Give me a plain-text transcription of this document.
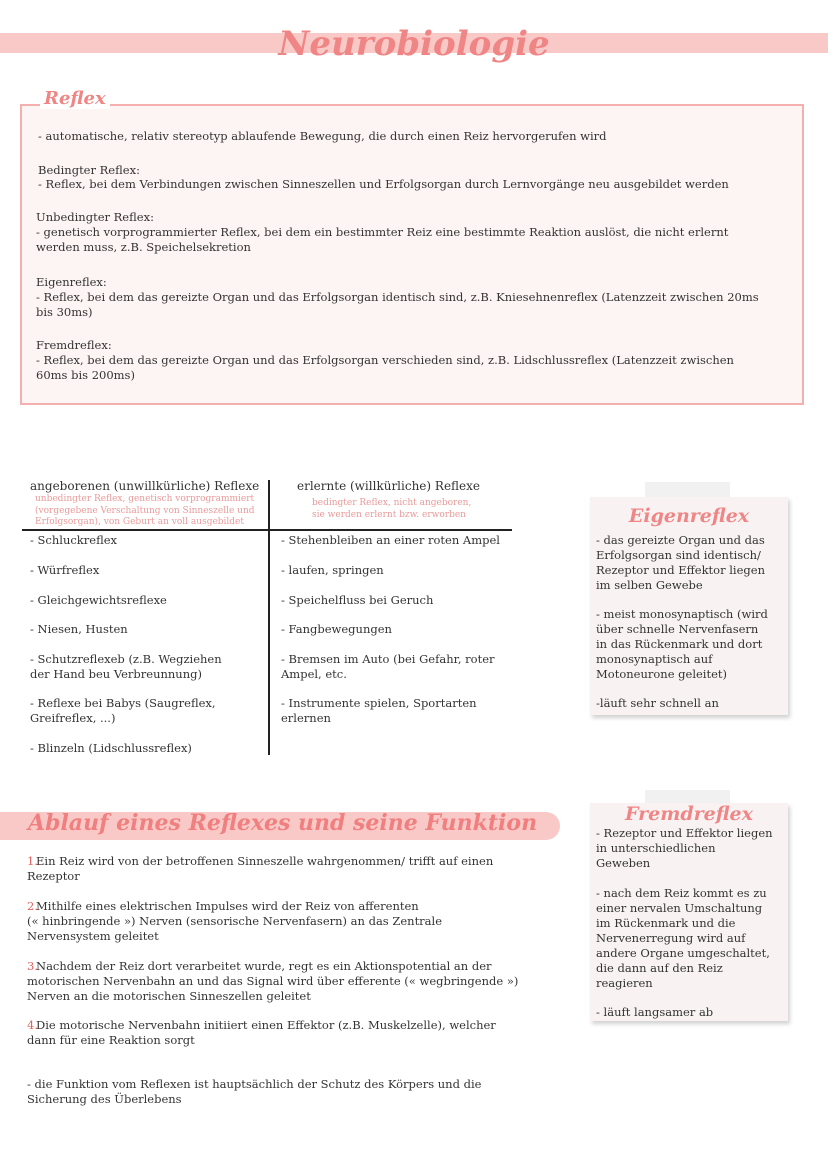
Neurobiologie
Reflex
- automatische, relativ stereotyp ablaufende Bewegung, die durch einen Reiz hervorgerufen wird
Bedingter Reflex:
- Reflex, bei dem Verbindungen zwischen Sinneszellen und Erfolgsorgan durch Lernvorgänge neu ausgebildet werden
Unbedingter Reflex:
- genetisch vorprogrammierter Reflex, bei dem ein bestimmter Reiz eine bestimmte Reaktion auslöst, die nicht erlernt
werden muss, z.B. Speichelsekretion
Eigenreflex:
- Reflex, bei dem das gereizte Organ und das Erfolgsorgan identisch sind, z.B. Kniesehnenreflex (Latenzzeit zwischen 20ms
bis 30ms)
Fremdreflex:
- Reflex, bei dem das gereizte Organ und das Erfolgsorgan verschieden sind, z.B. Lidschlussreflex (Latenzzeit zwischen
60ms bis 200ms)
angeborenen (unwillkürliche) Reflexe
unbedingter Reflex, genetisch vorprogrammiert
(vorgegebene Verschaltung von Sinneszelle und
Erfolgsorgan), von Geburt an voll ausgebildet
erlernte (willkürliche) Reflexe
bedingter Reflex, nicht angeboren,
sie werden erlernt bzw. erworben
- Schluckreflex
- Würfreflex
- Gleichgewichtsreflexe
- Niesen, Husten
- Schutzreflexeb (z.B. Wegziehen
der Hand beu Verbreunnung)
- Reflexe bei Babys (Saugreflex,
Greifreflex, ...)
- Blinzeln (Lidschlussreflex)
- Stehenbleiben an einer roten Ampel
- laufen, springen
- Speichelfluss bei Geruch
- Fangbewegungen
- Bremsen im Auto (bei Gefahr, roter
Ampel, etc.
- Instrumente spielen, Sportarten
erlernen
Eigenreflex
- das gereizte Organ und das
Erfolgsorgan sind identisch/
Rezeptor und Effektor liegen
im selben Gewebe
- meist monosynaptisch (wird
über schnelle Nervenfasern
in das Rückenmark und dort
monosynaptisch auf
Motoneurone geleitet)
-läuft sehr schnell an
Ablauf eines Reflexes und seine Funktion
Ein Reiz wird von der betroffenen Sinneszelle wahrgenommen/ trifft auf einen
Rezeptor
Mithilfe eines elektrischen Impulses wird der Reiz von afferenten
(« hinbringende ») Nerven (sensorische Nervenfasern) an das Zentrale
Nervensystem geleitet
Nachdem der Reiz dort verarbeitet wurde, regt es ein Aktionspotential an der
motorischen Nervenbahn an und das Signal wird über efferente (« wegbringende »)
Nerven an die motorischen Sinneszellen geleitet
Die motorische Nervenbahn initiiert einen Effektor (z.B. Muskelzelle), welcher
dann für eine Reaktion sorgt
- die Funktion vom Reflexen ist hauptsächlich der Schutz des Körpers und die
Sicherung des Überlebens
1.
2.
3.
4.
Fremdreflex
- Rezeptor und Effektor liegen
in unterschiedlichen
Geweben
- nach dem Reiz kommt es zu
einer nervalen Umschaltung
im Rückenmark und die
Nervenerregung wird auf
andere Organe umgeschaltet,
die dann auf den Reiz
reagieren
- läuft langsamer ab
